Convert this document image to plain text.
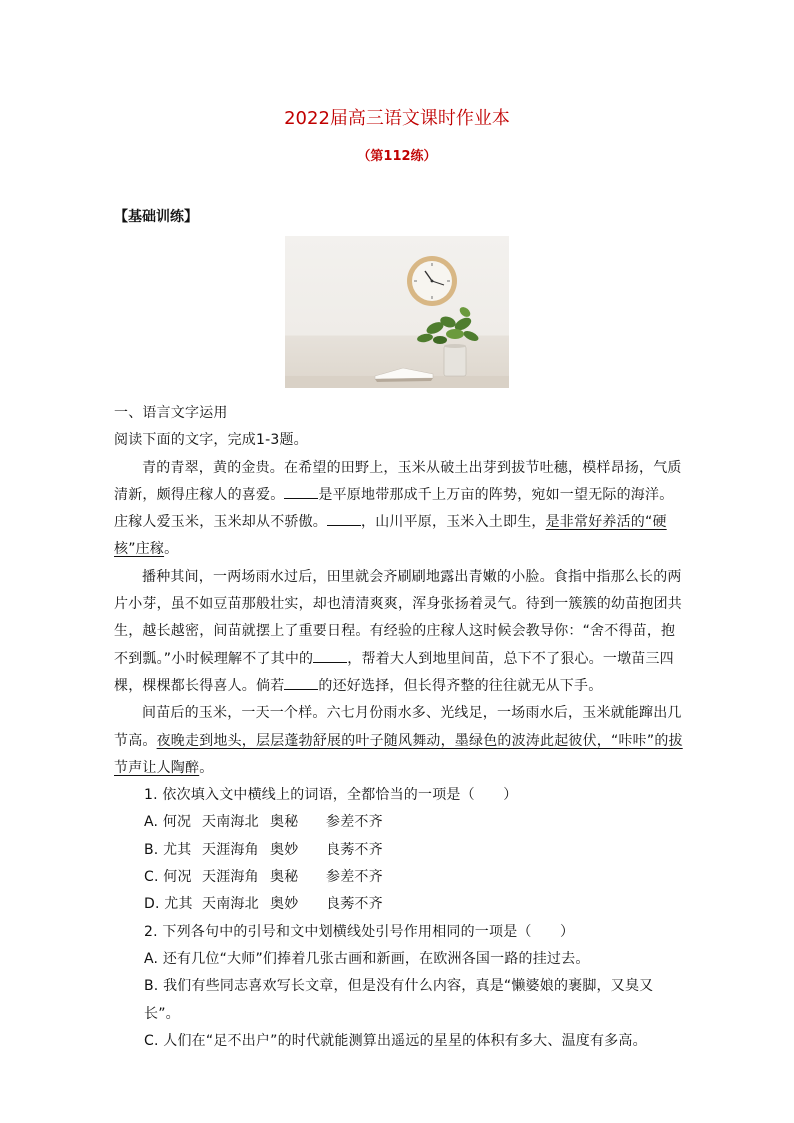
2022届高三语文课时作业本
（第112练）
【基础训练】

一、语言文字运用

阅读下面的文字，完成1-3题。

青的青翠，黄的金贵。在希望的田野上，玉米从破土出芽到拔节吐穗，模样昂扬，气质清新，颇得庄稼人的喜爱。 是平原地带那成千上万亩的阵势，宛如一望无际的海洋。庄稼人爱玉米，玉米却从不骄傲。 ，山川平原，玉米入土即生，是非常好养活的“硬核”庄稼。

播种其间，一两场雨水过后，田里就会齐刷刷地露出青嫩的小脸。食指中指那么长的两片小芽，虽不如豆苗那般壮实，却也清清爽爽，浑身张扬着灵气。待到一簇簇的幼苗抱团共生，越长越密，间苗就摆上了重要日程。有经验的庄稼人这时候会教导你：“舍不得苗，抱不到瓢。”小时候理解不了其中的 ，帮着大人到地里间苗，总下不了狠心。一墩苗三四棵，棵棵都长得喜人。倘若 的还好选择，但长得齐整的往往就无从下手。

间苗后的玉米，一天一个样。六七月份雨水多、光线足，一场雨水后，玉米就能蹿出几节高。夜晚走到地头，层层蓬勃舒展的叶子随风舞动，墨绿色的波涛此起彼伏，“咔咔”的拔节声让人陶醉。

1. 依次填入文中横线上的词语，全都恰当的一项是（　　）

A. 何况 天南海北 奥秘 参差不齐

B. 尤其 天涯海角 奥妙 良莠不齐

C. 何况 天涯海角 奥秘 参差不齐

D. 尤其 天南海北 奥妙 良莠不齐

2. 下列各句中的引号和文中划横线处引号作用相同的一项是（　　）

A. 还有几位“大师”们捧着几张古画和新画，在欧洲各国一路的挂过去。

B. 我们有些同志喜欢写长文章，但是没有什么内容，真是“懒婆娘的裹脚，又臭又长”。

C. 人们在“足不出户”的时代就能测算出遥远的星星的体积有多大、温度有多高。
